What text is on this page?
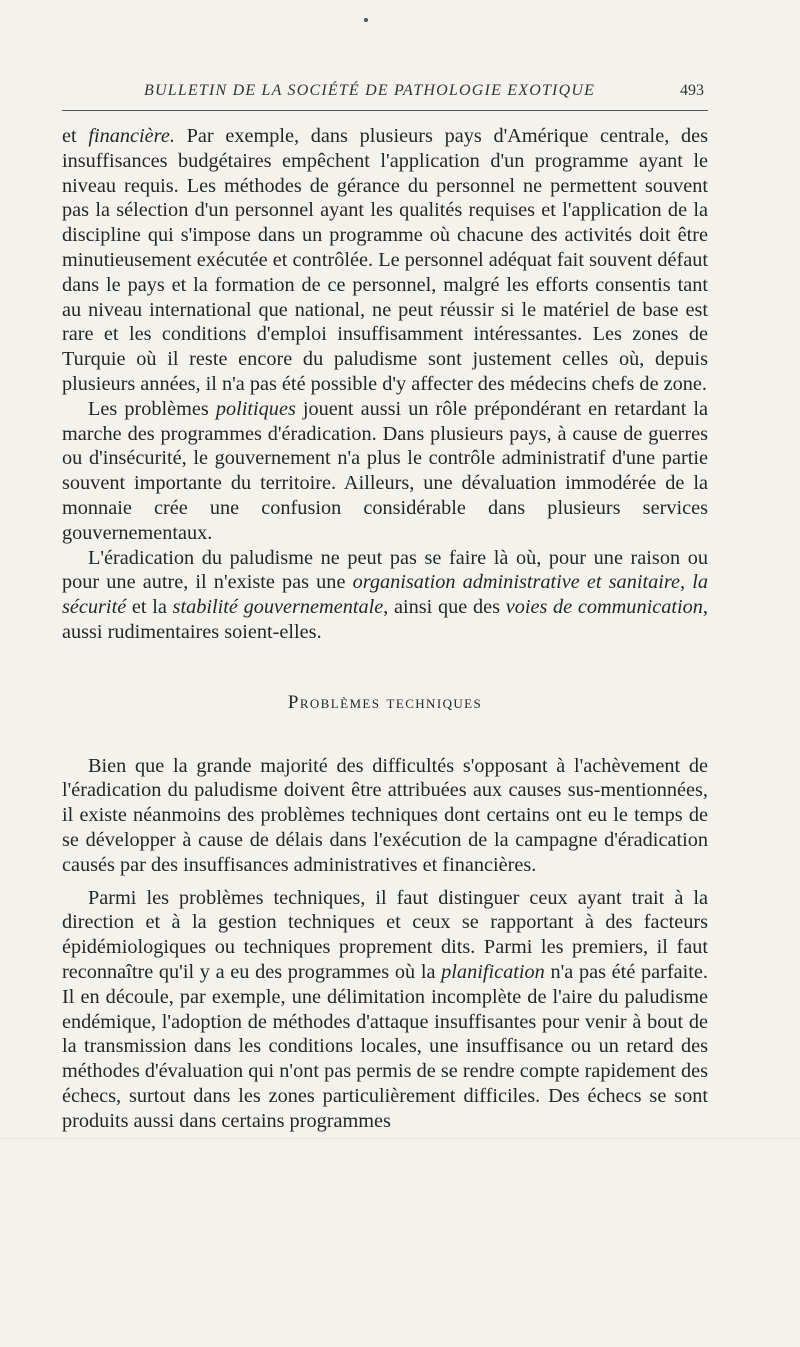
BULLETIN DE LA SOCIÉTÉ DE PATHOLOGIE EXOTIQUE	493

et financière. Par exemple, dans plusieurs pays d'Amérique centrale, des insuffisances budgétaires empêchent l'application d'un programme ayant le niveau requis. Les méthodes de gérance du personnel ne permettent souvent pas la sélection d'un personnel ayant les qualités requises et l'application de la discipline qui s'impose dans un programme où chacune des activités doit être minutieusement exécutée et contrôlée. Le personnel adéquat fait souvent défaut dans le pays et la formation de ce personnel, malgré les efforts consentis tant au niveau international que national, ne peut réussir si le matériel de base est rare et les conditions d'emploi insuffisamment intéressantes. Les zones de Turquie où il reste encore du paludisme sont justement celles où, depuis plusieurs années, il n'a pas été possible d'y affecter des médecins chefs de zone.

Les problèmes politiques jouent aussi un rôle prépondérant en retardant la marche des programmes d'éradication. Dans plusieurs pays, à cause de guerres ou d'insécurité, le gouvernement n'a plus le contrôle administratif d'une partie souvent importante du territoire. Ailleurs, une dévaluation immodérée de la monnaie crée une confusion considérable dans plusieurs services gouvernementaux.

L'éradication du paludisme ne peut pas se faire là où, pour une raison ou pour une autre, il n'existe pas une organisation administrative et sanitaire, la sécurité et la stabilité gouvernementale, ainsi que des voies de communication, aussi rudimentaires soient-elles.

Problèmes techniques

Bien que la grande majorité des difficultés s'opposant à l'achèvement de l'éradication du paludisme doivent être attribuées aux causes sus-mentionnées, il existe néanmoins des problèmes techniques dont certains ont eu le temps de se développer à cause de délais dans l'exécution de la campagne d'éradication causés par des insuffisances administratives et financières.

Parmi les problèmes techniques, il faut distinguer ceux ayant trait à la direction et à la gestion techniques et ceux se rapportant à des facteurs épidémiologiques ou techniques proprement dits. Parmi les premiers, il faut reconnaître qu'il y a eu des programmes où la planification n'a pas été parfaite. Il en découle, par exemple, une délimitation incomplète de l'aire du paludisme endémique, l'adoption de méthodes d'attaque insuffisantes pour venir à bout de la transmission dans les conditions locales, une insuffisance ou un retard des méthodes d'évaluation qui n'ont pas permis de se rendre compte rapidement des échecs, surtout dans les zones particulièrement difficiles. Des échecs se sont produits aussi dans certains programmes
